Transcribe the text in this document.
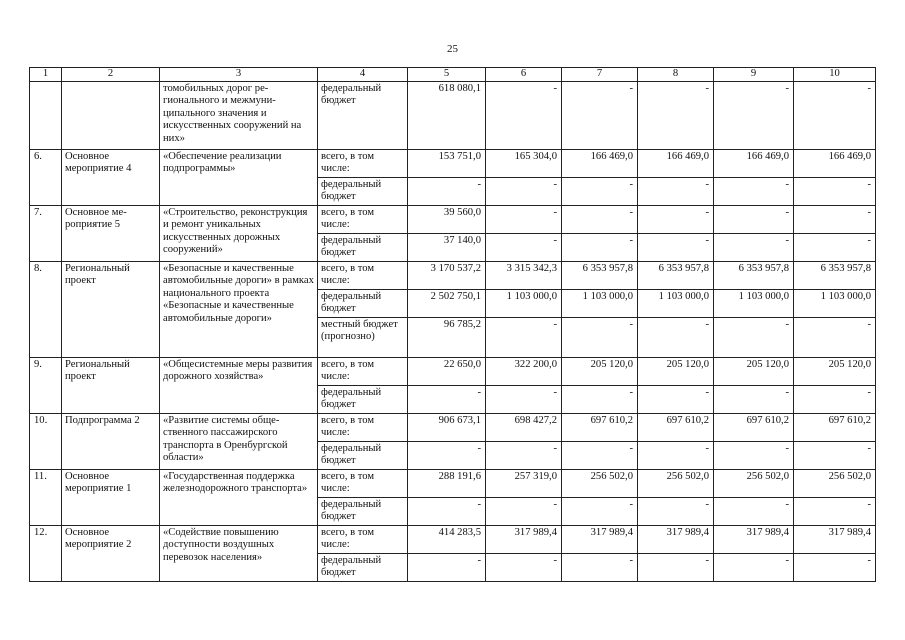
25
1	2	3	4	5	6	7	8	9	10
		томобильных дорог регионального и межмуниципального значения и искусственных сооружений на них»	федеральный бюджет	618 080,1	-	-	-	-	-
6.	Основное мероприятие 4	«Обеспечение реализации подпрограммы»	всего, в том числе:	153 751,0	165 304,0	166 469,0	166 469,0	166 469,0	166 469,0
			федеральный бюджет	-	-	-	-	-	-
7.	Основное мероприятие 5	«Строительство, реконструкция и ремонт уникальных искусственных дорожных сооружений»	всего, в том числе:	39 560,0	-	-	-	-	-
			федеральный бюджет	37 140,0	-	-	-	-	-
8.	Региональный проект	«Безопасные и качественные автомобильные дороги» в рамках национального проекта «Безопасные и качественные автомобильные дороги»	всего, в том числе:	3 170 537,2	3 315 342,3	6 353 957,8	6 353 957,8	6 353 957,8	6 353 957,8
			федеральный бюджет	2 502 750,1	1 103 000,0	1 103 000,0	1 103 000,0	1 103 000,0	1 103 000,0
			местный бюджет (прогнозно)	96 785,2	-	-	-	-	-
9.	Региональный проект	«Общесистемные меры развития дорожного хозяйства»	всего, в том числе:	22 650,0	322 200,0	205 120,0	205 120,0	205 120,0	205 120,0
			федеральный бюджет	-	-	-	-	-	-
10.	Подпрограмма 2	«Развитие системы общественного пассажирского транспорта в Оренбургской области»	всего, в том числе:	906 673,1	698 427,2	697 610,2	697 610,2	697 610,2	697 610,2
			федеральный бюджет	-	-	-	-	-	-
11.	Основное мероприятие 1	«Государственная поддержка железнодорожного транспорта»	всего, в том числе:	288 191,6	257 319,0	256 502,0	256 502,0	256 502,0	256 502,0
			федеральный бюджет	-	-	-	-	-	-
12.	Основное мероприятие 2	«Содействие повышению доступности воздушных перевозок населения»	всего, в том числе:	414 283,5	317 989,4	317 989,4	317 989,4	317 989,4	317 989,4
			федеральный бюджет	-	-	-	-	-	-
